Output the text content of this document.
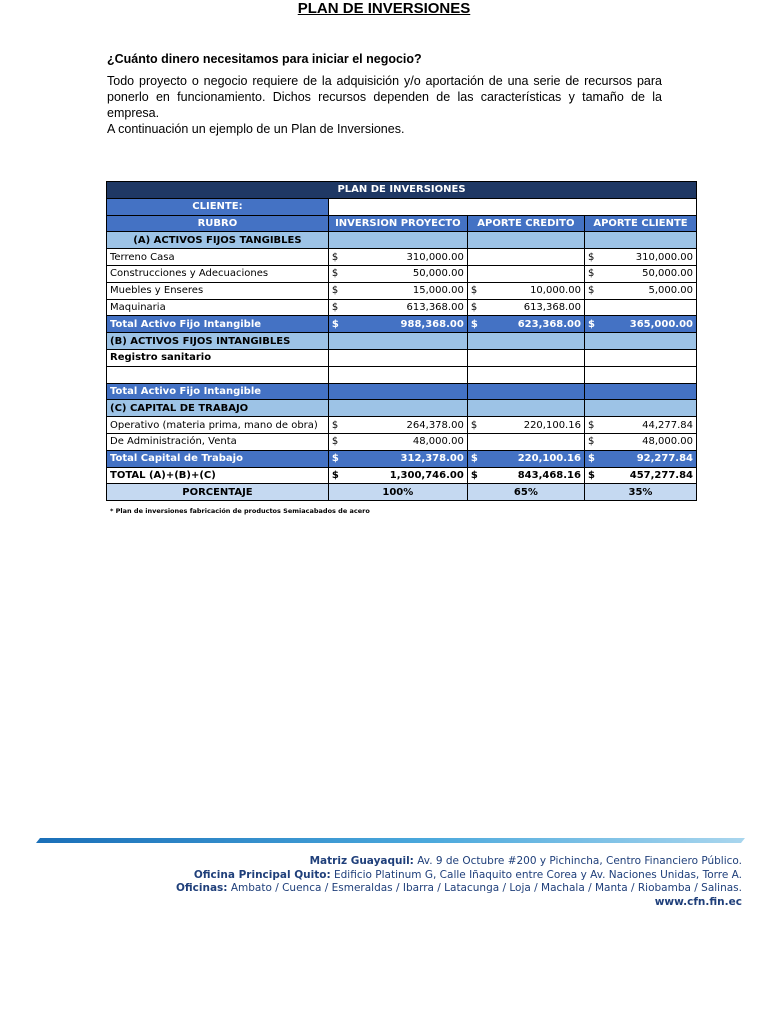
PLAN DE INVERSIONES
¿Cuánto dinero necesitamos para iniciar el negocio?

Todo proyecto o negocio requiere de la adquisición y/o aportación de una serie de recursos para ponerlo en funcionamiento. Dichos recursos dependen de las características y tamaño de la empresa.

A continuación un ejemplo de un Plan de Inversiones.

PLAN DE INVERSIONES			
CLIENTE:			
RUBRO	INVERSION PROYECTO	APORTE CREDITO	APORTE CLIENTE
(A) ACTIVOS FIJOS TANGIBLES			
Terreno Casa	$ 310,000.00		$ 310,000.00

Construcciones y Adecuaciones	$ 50,000.00		$ 50,000.00

Muebles y Enseres	$ 15,000.00	$ 10,000.00	$ 5,000.00

Maquinaria	$ 613,368.00	$ 613,368.00	

Total Activo Fijo Intangible	$ 988,368.00	$ 623,368.00	$ 365,000.00

(B) ACTIVOS FIJOS INTANGIBLES			
Registro sanitario			

Total Activo Fijo Intangible			
(C) CAPITAL DE TRABAJO			
Operativo (materia prima, mano de obra)	$ 264,378.00	$ 220,100.16	$ 44,277.84

De Administración, Venta	$ 48,000.00		$ 48,000.00

Total Capital de Trabajo	$ 312,378.00	$ 220,100.16	$ 92,277.84

TOTAL (A)+(B)+(C)	$ 1,300,746.00	$ 843,468.16	$ 457,277.84

PORCENTAJE	100%	65%	35%
* Plan de inversiones fabricación de productos Semiacabados de acero
Matriz Guayaquil: Av. 9 de Octubre #200 y Pichincha, Centro Financiero Público.
Oficina Principal Quito: Edificio Platinum G, Calle Iñaquito entre Corea y Av. Naciones Unidas, Torre A.
Oficinas: Ambato / Cuenca / Esmeraldas / Ibarra / Latacunga / Loja / Machala / Manta / Riobamba / Salinas.
www.cfn.fin.ec
